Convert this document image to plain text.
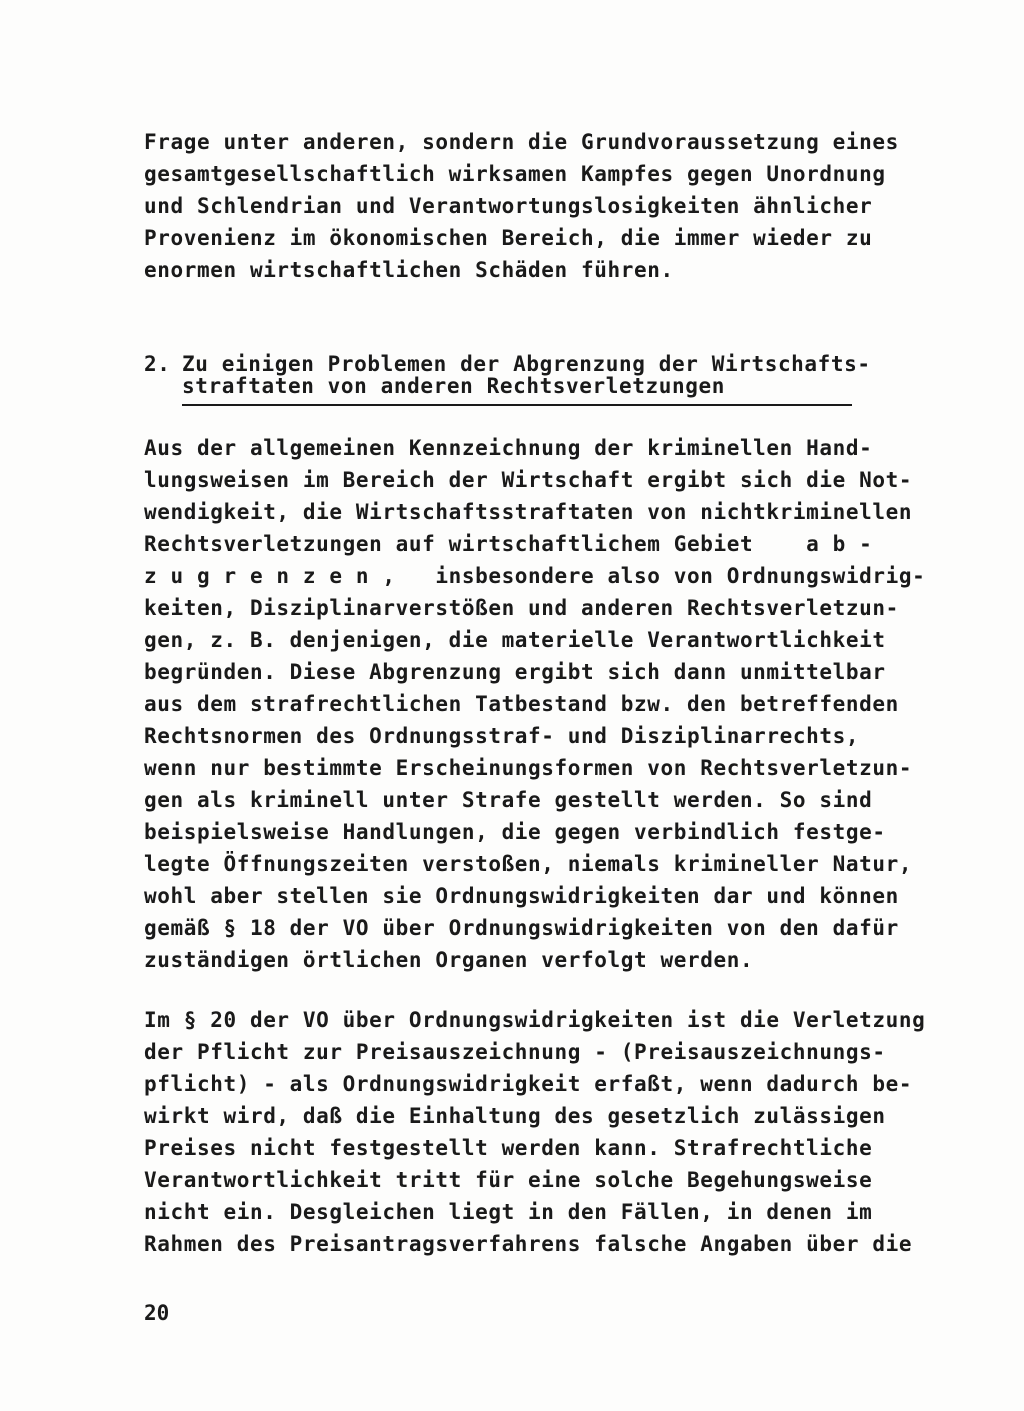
Frage unter anderen, sondern die Grundvoraussetzung eines
gesamtgesellschaftlich wirksamen Kampfes gegen Unordnung
und Schlendrian und Verantwortungslosigkeiten ähnlicher
Provenienz im ökonomischen Bereich, die immer wieder zu
enormen wirtschaftlichen Schäden führen.
2. Zu einigen Problemen der Abgrenzung der Wirtschafts-
straftaten von anderen Rechtsverletzungen
Aus der allgemeinen Kennzeichnung der kriminellen Hand-
lungsweisen im Bereich der Wirtschaft ergibt sich die Not-
wendigkeit, die Wirtschaftsstraftaten von nichtkriminellen
Rechtsverletzungen auf wirtschaftlichem Gebiet    a b -
z u g r e n z e n ,   insbesondere also von Ordnungswidrig-
keiten, Disziplinarverstößen und anderen Rechtsverletzun-
gen, z. B. denjenigen, die materielle Verantwortlichkeit
begründen. Diese Abgrenzung ergibt sich dann unmittelbar
aus dem strafrechtlichen Tatbestand bzw. den betreffenden
Rechtsnormen des Ordnungsstraf- und Disziplinarrechts,
wenn nur bestimmte Erscheinungsformen von Rechtsverletzun-
gen als kriminell unter Strafe gestellt werden. So sind
beispielsweise Handlungen, die gegen verbindlich festge-
legte Öffnungszeiten verstoßen, niemals krimineller Natur,
wohl aber stellen sie Ordnungswidrigkeiten dar und können
gemäß § 18 der VO über Ordnungswidrigkeiten von den dafür
zuständigen örtlichen Organen verfolgt werden.
Im § 20 der VO über Ordnungswidrigkeiten ist die Verletzung
der Pflicht zur Preisauszeichnung - (Preisauszeichnungs-
pflicht) - als Ordnungswidrigkeit erfaßt, wenn dadurch be-
wirkt wird, daß die Einhaltung des gesetzlich zulässigen
Preises nicht festgestellt werden kann. Strafrechtliche
Verantwortlichkeit tritt für eine solche Begehungsweise
nicht ein. Desgleichen liegt in den Fällen, in denen im
Rahmen des Preisantragsverfahrens falsche Angaben über die
20
